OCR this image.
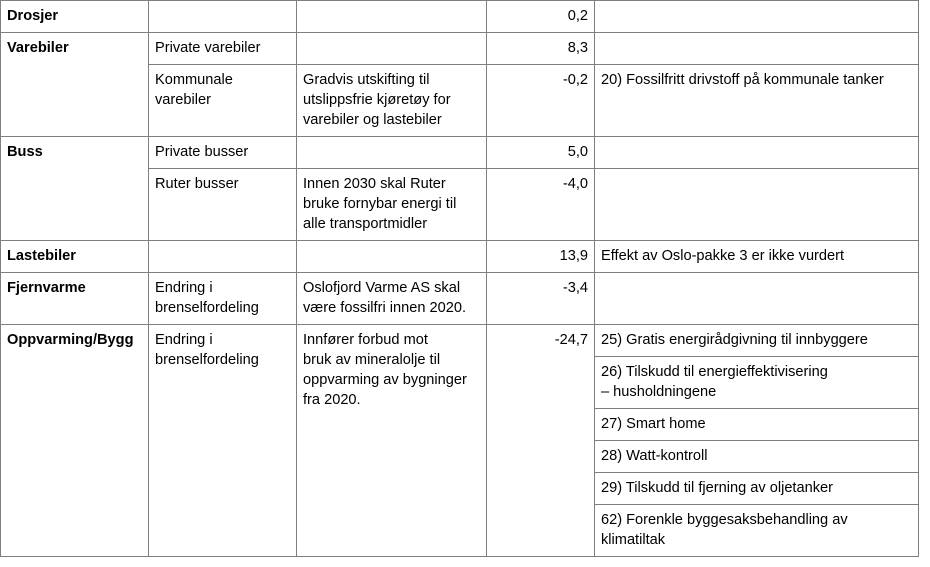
Drosjer			0,2	
Varebiler	Private varebiler		8,3	
	Kommunale
varebiler	Gradvis utskifting til
utslippsfrie kjøretøy for
varebiler og lastebiler	-0,2	20) Fossilfritt drivstoff på kommunale tanker
Buss	Private busser		5,0	
	Ruter busser	Innen 2030 skal Ruter
bruke fornybar energi til
alle transportmidler	-4,0	
Lastebiler			13,9	Effekt av Oslo-pakke 3 er ikke vurdert
Fjernvarme	Endring i
brenselfordeling	Oslofjord Varme AS skal
være fossilfri innen 2020.	-3,4	
Oppvarming/Bygg	Endring i
brenselfordeling	Innfører forbud mot
bruk av mineralolje til
oppvarming av bygninger
fra 2020.	-24,7	25) Gratis energirådgivning til innbyggere
				26) Tilskudd til energieffektivisering
– husholdningene
				27) Smart home
				28) Watt-kontroll
				29) Tilskudd til fjerning av oljetanker
				62) Forenkle byggesaksbehandling av
klimatiltak
